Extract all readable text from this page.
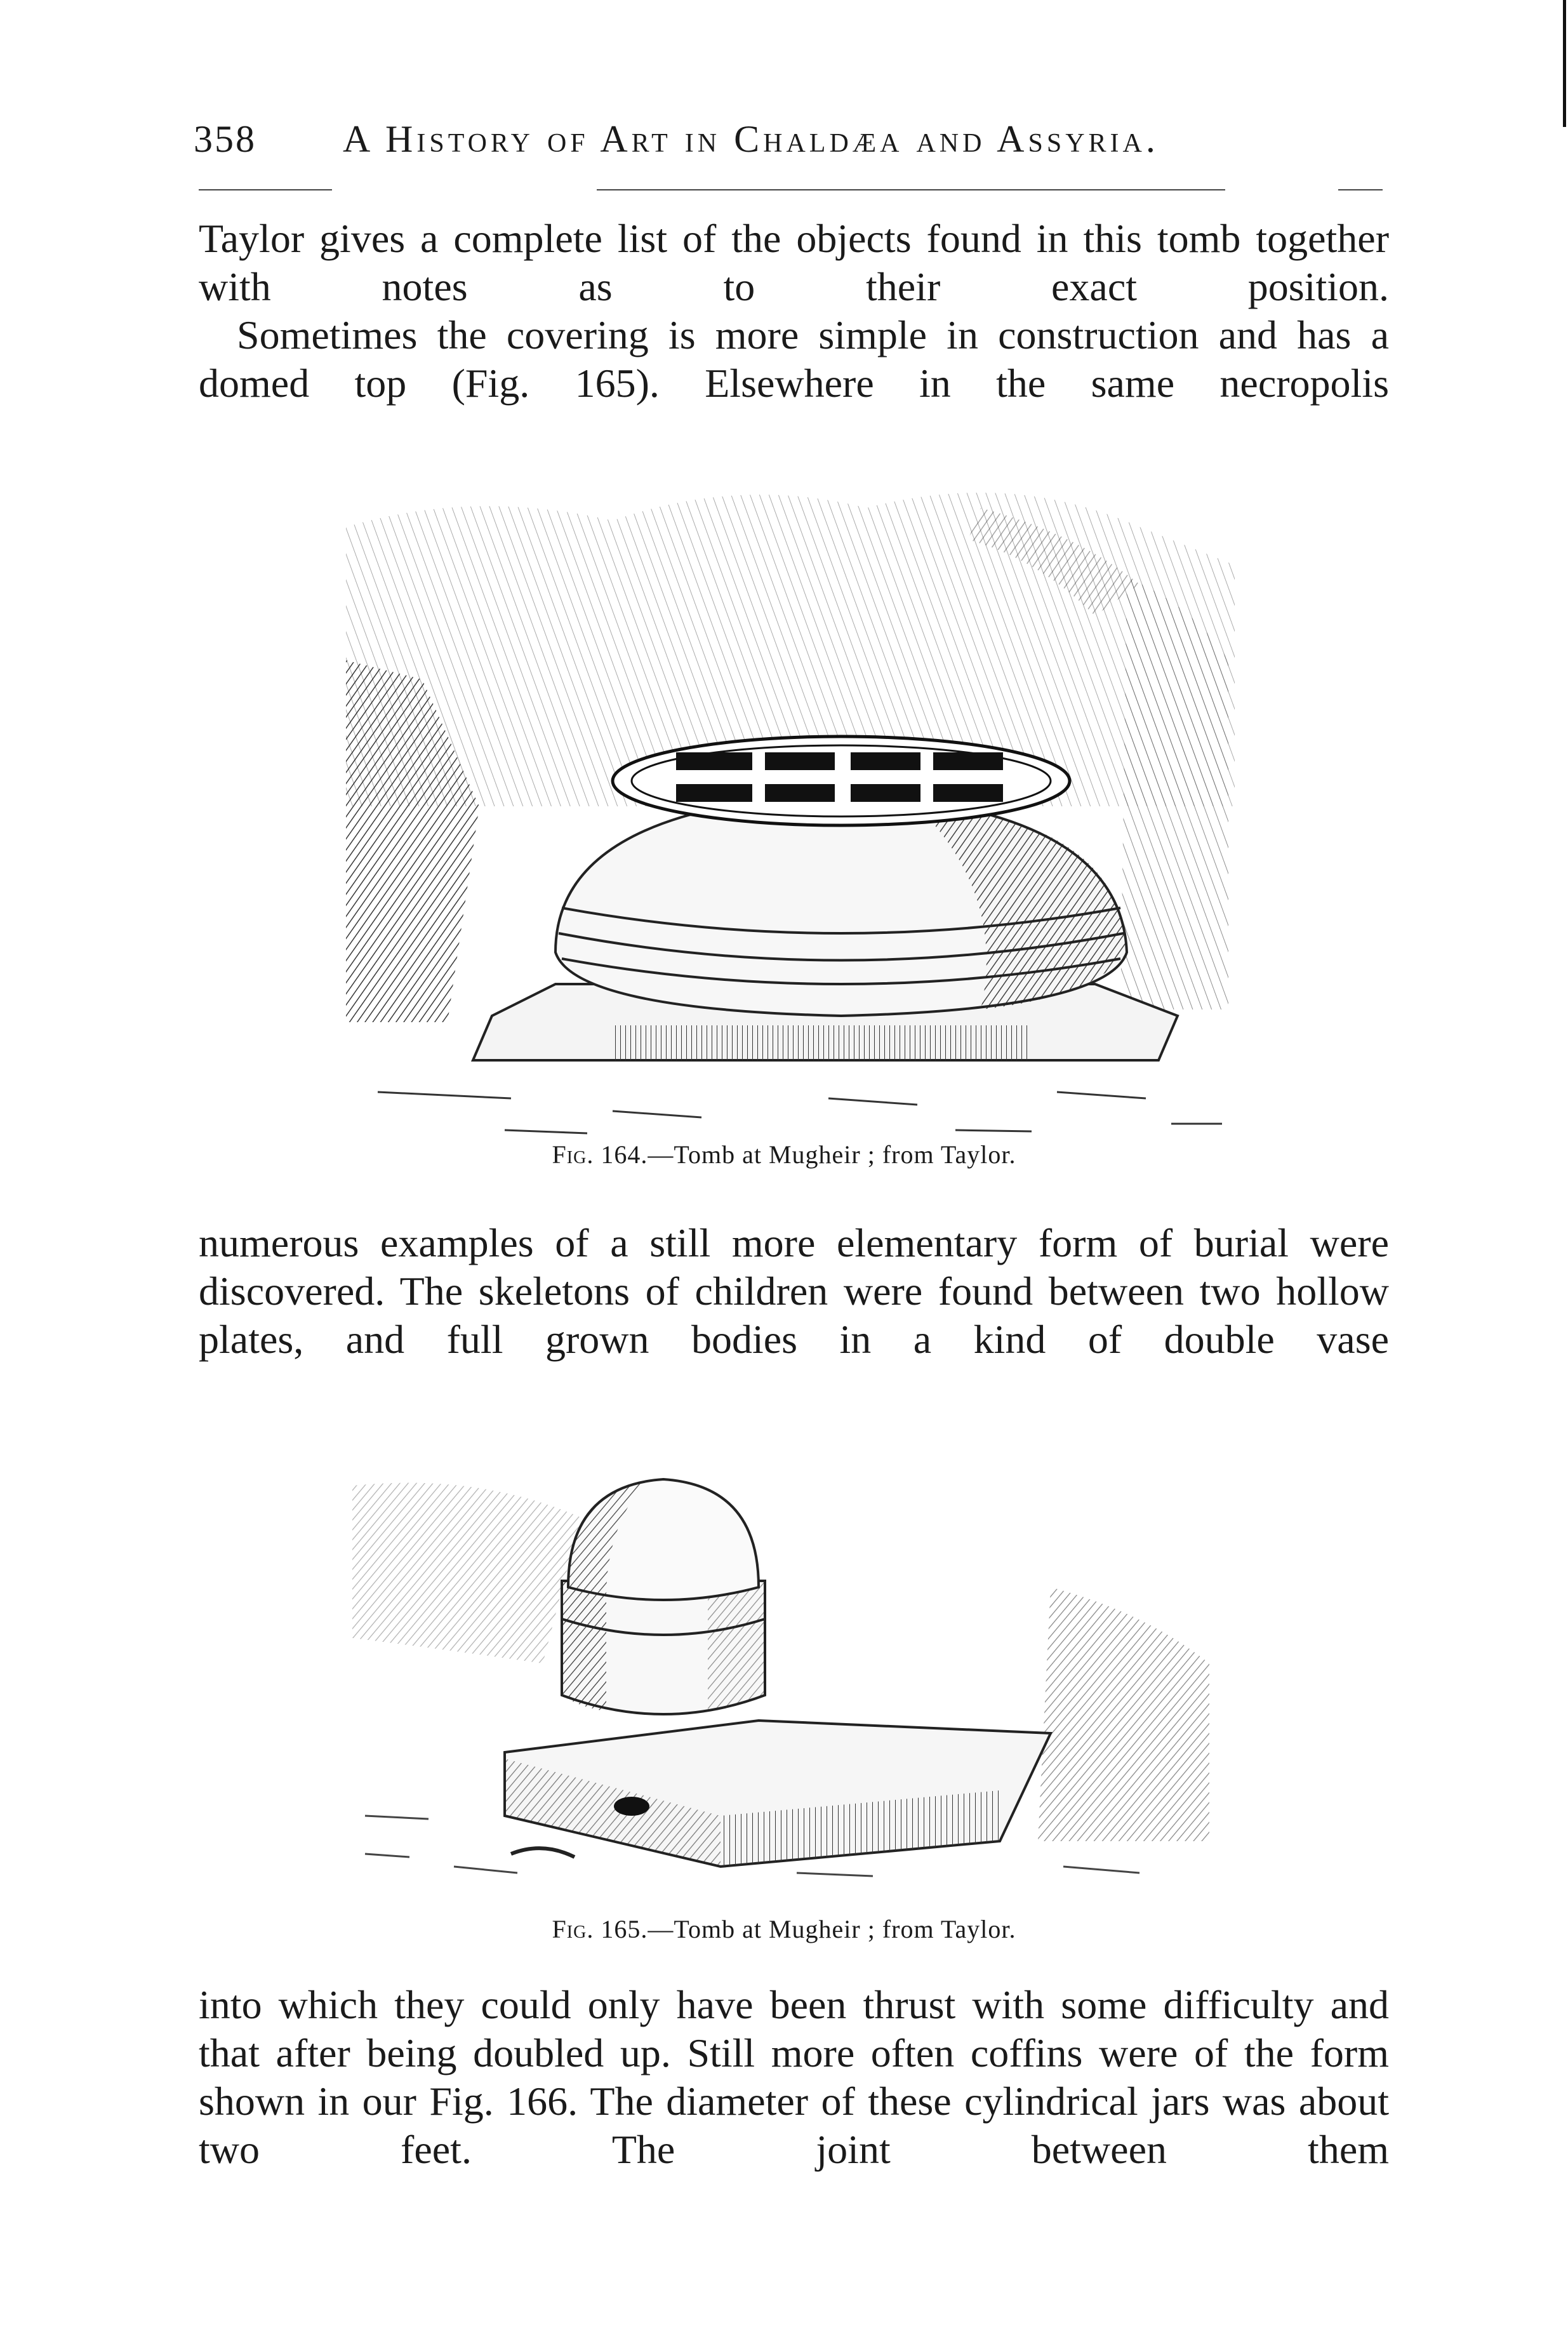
358 A History of Art in Chaldæa and Assyria.

Taylor gives a complete list of the objects found in this tomb together with notes as to their exact position.

Sometimes the covering is more simple in construction and has a domed top (Fig. 165). Elsewhere in the same necropolis

Fig. 164.—Tomb at Mugheir ; from Taylor.

numerous examples of a still more elementary form of burial were discovered. The skeletons of children were found between two hollow plates, and full grown bodies in a kind of double vase

Fig. 165.—Tomb at Mugheir ; from Taylor.

into which they could only have been thrust with some difficulty and that after being doubled up. Still more often coffins were of the form shown in our Fig. 166. The diameter of these cylindrical jars was about two feet. The joint between them
